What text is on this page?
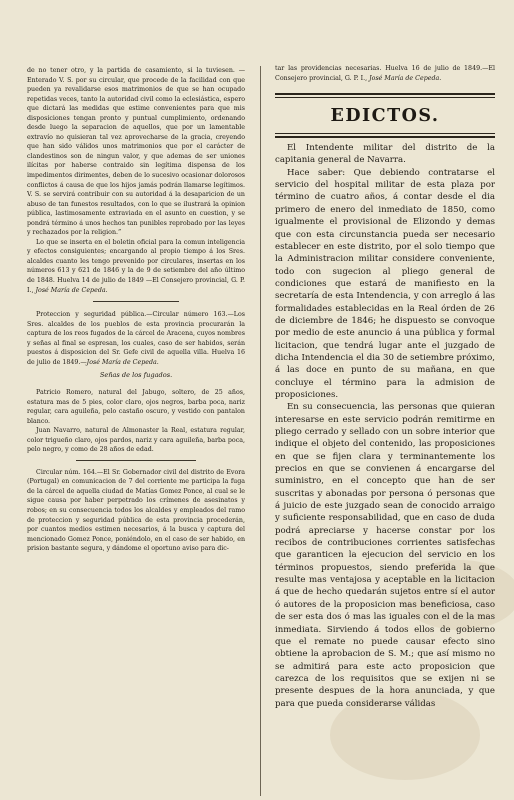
de no tener otro, y la partida de casamiento, si la tuviesen. —Enterado V. S. por su circular, que procede de la facilidad con que pueden ya revalidarse esos matrimonios de que se han ocupado repetidas veces, tanto la autoridad civil como la eclesiástica, espero que dictará las medidas que estime convenientes para que mis disposiciones tengan pronto y puntual cumplimiento, ordenando desde luego la separacion de aquellos, que por un lamentable extravío no quisieran tal vez aprovecharse de la gracia, creyendo que han sido válidos unos matrimonios que por el carácter de clandestinos son de ningun valor, y que ademas de ser uniones ilícitas por haberse contraido sin legítima dispensa de los impedimentos dirimentes, deben de lo sucesivo ocasionar dolorosos conflictos á causa de que los hijos jamás podrán llamarse legítimos. V. S. se servirá contribuir con su autoridad á la desaparicion de un abuso de tan funestos resultados, con lo que se ilustrará la opinion pública, lastimosamente extraviada en el asunto en cuestion, y se pondrá término á unos hechos tan punibles reprobado por las leyes y rechazados por la religion.”

Lo que se inserta en el boletin oficial para la comun inteligencia y efectos consiguientes; encargando al propio tiempo á los Sres. alcaldes cuanto les tengo prevenido por circulares, insertas en los números 613 y 621 de 1846 y la de 9 de setiembre del año último de 1848. Huelva 14 de julio de 1849 —El Consejero provincial, G. P. I., José María de Cepeda.

Proteccion y seguridad pública.—Circular número 163.—Los Sres. alcaldes de los pueblos de esta provincia procurarán la captura de los reos fugados de la cárcel de Aracena, cuyos nombres y señas al final se espresan, los cuales, caso de ser habidos, serán puestos á disposicion del Sr. Gefe civil de aquella villa. Huelva 16 de julio de 1849.—José María de Cepeda.

Señas de los fugados.

Patricio Romero, natural del Jabugo, soltero, de 25 años, estatura mas de 5 pies, color claro, ojos negros, barba poca, nariz regular, cara aguileña, pelo castaño oscuro, y vestido con pantalon blanco.

Juan Navarro, natural de Almonaster la Real, estatura regular, color trigueño claro, ojos pardos, nariz y cara aguileña, barba poca, pelo negro, y como de 28 años de edad.

Circular núm. 164.—El Sr. Gobernador civil del distrito de Evora (Portugal) en comunicacion de 7 del corriente me participa la fuga de la cárcel de aquella ciudad de Matías Gomez Ponce, al cual se le sigue causa por haber perpetrado los crímenes de asesinatos y robos; en su consecuencia todos los alcaldes y empleados del ramo de proteccion y seguridad pública de esta provincia procederán, por cuantos medios estimen necesarios, á la busca y captura del mencionado Gomez Ponce, poniéndolo, en el caso de ser habido, en prision bastante segura, y dándome el oportuno aviso para dic-

tar las providencias necesarias. Huelva 16 de julio de 1849.—El Consejero provincial, G. P. I., José María de Cepeda.

EDICTOS.

El Intendente militar del distrito de la capitania general de Navarra.

Hace saber: Que debiendo contratarse el servicio del hospital militar de esta plaza por término de cuatro años, á contar desde el dia primero de enero del inmediato de 1850, como igualmente el provisional de Elizondo y demas que con esta circunstancia pueda ser necesario establecer en este distrito, por el solo tiempo que la Administracion militar considere conveniente, todo con sugecion al pliego general de condiciones que estará de manifiesto en la secretaría de esta Intendencia, y con arreglo á las formalidades establecidas en la Real órden de 26 de diciembre de 1846; he dispuesto se convoque por medio de este anuncio á una pública y formal licitacion, que tendrá lugar ante el juzgado de dicha Intendencia el dia 30 de setiembre próximo, á las doce en punto de su mañana, en que concluye el término para la admision de proposiciones.

En su consecuencia, las personas que quieran interesarse en este servicio podrán remitirme en pliego cerrado y sellado con un sobre interior que indique el objeto del contenido, las proposiciones en que se fijen clara y terminantemente los precios en que se convienen á encargarse del suministro, en el concepto que han de ser suscritas y abonadas por persona ó personas que á juicio de este juzgado sean de conocido arraigo y suficiente responsabilidad, que en caso de duda podrá apreciarse y hacerse constar por los recibos de contribuciones corrientes satisfechas que garanticen la ejecucion del servicio en los términos propuestos, siendo preferida la que resulte mas ventajosa y aceptable en la licitacion á que de hecho quedarán sujetos entre sí el autor ó autores de la proposicion mas beneficiosa, caso de ser esta dos ó mas las iguales con el de la mas inmediata. Sirviendo á todos ellos de gobierno que el remate no puede causar efecto sino obtiene la aprobacion de S. M.; que así mismo no se admitirá para este acto proposicion que carezca de los requisitos que se exijen ni se presente despues de la hora anunciada, y que para que pueda considerarse válidas
